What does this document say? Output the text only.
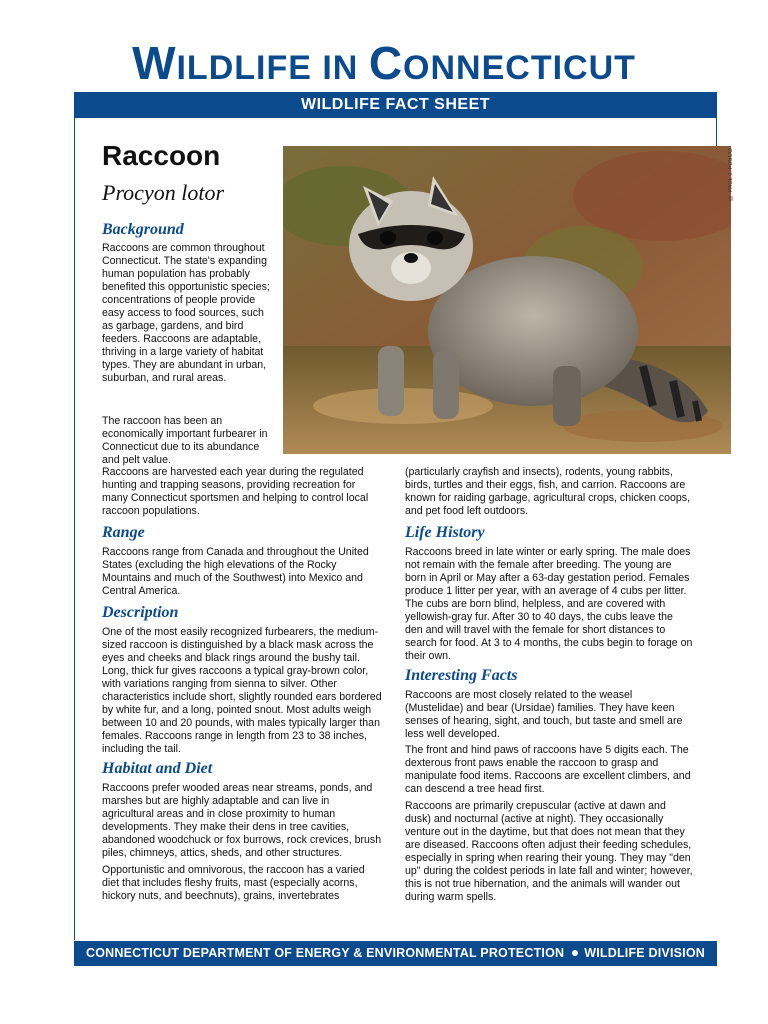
WILDLIFE IN CONNECTICUT
WILDLIFE FACT SHEET
Raccoon
Procyon lotor	© PAUL J. FUSCO
Background

Raccoons are common throughout Connecticut. The state's expanding human population has probably benefited this opportunistic species; concentrations of people provide easy access to food sources, such as garbage, gardens, and bird feeders. Raccoons are adaptable, thriving in a large variety of habitat types. They are abundant in urban, suburban, and rural areas.

The raccoon has been an economically important furbearer in Connecticut due to its abundance and pelt value.

Raccoons are harvested each year during the regulated hunting and trapping seasons, providing recreation for many Connecticut sportsmen and helping to control local raccoon populations.

Range

Raccoons range from Canada and throughout the United States (excluding the high elevations of the Rocky Mountains and much of the Southwest) into Mexico and Central America.

Description

One of the most easily recognized furbearers, the medium-sized raccoon is distinguished by a black mask across the eyes and cheeks and black rings around the bushy tail. Long, thick fur gives raccoons a typical gray-brown color, with variations ranging from sienna to silver. Other characteristics include short, slightly rounded ears bordered by white fur, and a long, pointed snout. Most adults weigh between 10 and 20 pounds, with males typically larger than females. Raccoons range in length from 23 to 38 inches, including the tail.

Habitat and Diet

Raccoons prefer wooded areas near streams, ponds, and marshes but are highly adaptable and can live in agricultural areas and in close proximity to human developments. They make their dens in tree cavities, abandoned woodchuck or fox burrows, rock crevices, brush piles, chimneys, attics, sheds, and other structures.

Opportunistic and omnivorous, the raccoon has a varied diet that includes fleshy fruits, mast (especially acorns, hickory nuts, and beechnuts), grains, invertebrates

(particularly crayfish and insects), rodents, young rabbits, birds, turtles and their eggs, fish, and carrion. Raccoons are known for raiding garbage, agricultural crops, chicken coops, and pet food left outdoors.

Life History

Raccoons breed in late winter or early spring. The male does not remain with the female after breeding. The young are born in April or May after a 63-day gestation period. Females produce 1 litter per year, with an average of 4 cubs per litter. The cubs are born blind, helpless, and are covered with yellowish-gray fur. After 30 to 40 days, the cubs leave the den and will travel with the female for short distances to search for food. At 3 to 4 months, the cubs begin to forage on their own.

Interesting Facts

Raccoons are most closely related to the weasel (Mustelidae) and bear (Ursidae) families. They have keen senses of hearing, sight, and touch, but taste and smell are less well developed.

The front and hind paws of raccoons have 5 digits each. The dexterous front paws enable the raccoon to grasp and manipulate food items. Raccoons are excellent climbers, and can descend a tree head first.

Raccoons are primarily crepuscular (active at dawn and dusk) and nocturnal (active at night). They occasionally venture out in the daytime, but that does not mean that they are diseased. Raccoons often adjust their feeding schedules, especially in spring when rearing their young. They may "den up" during the coldest periods in late fall and winter; however, this is not true hibernation, and the animals will wander out during warm spells.

CONNECTICUT DEPARTMENT OF ENERGY & ENVIRONMENTAL PROTECTION WILDLIFE DIVISION
